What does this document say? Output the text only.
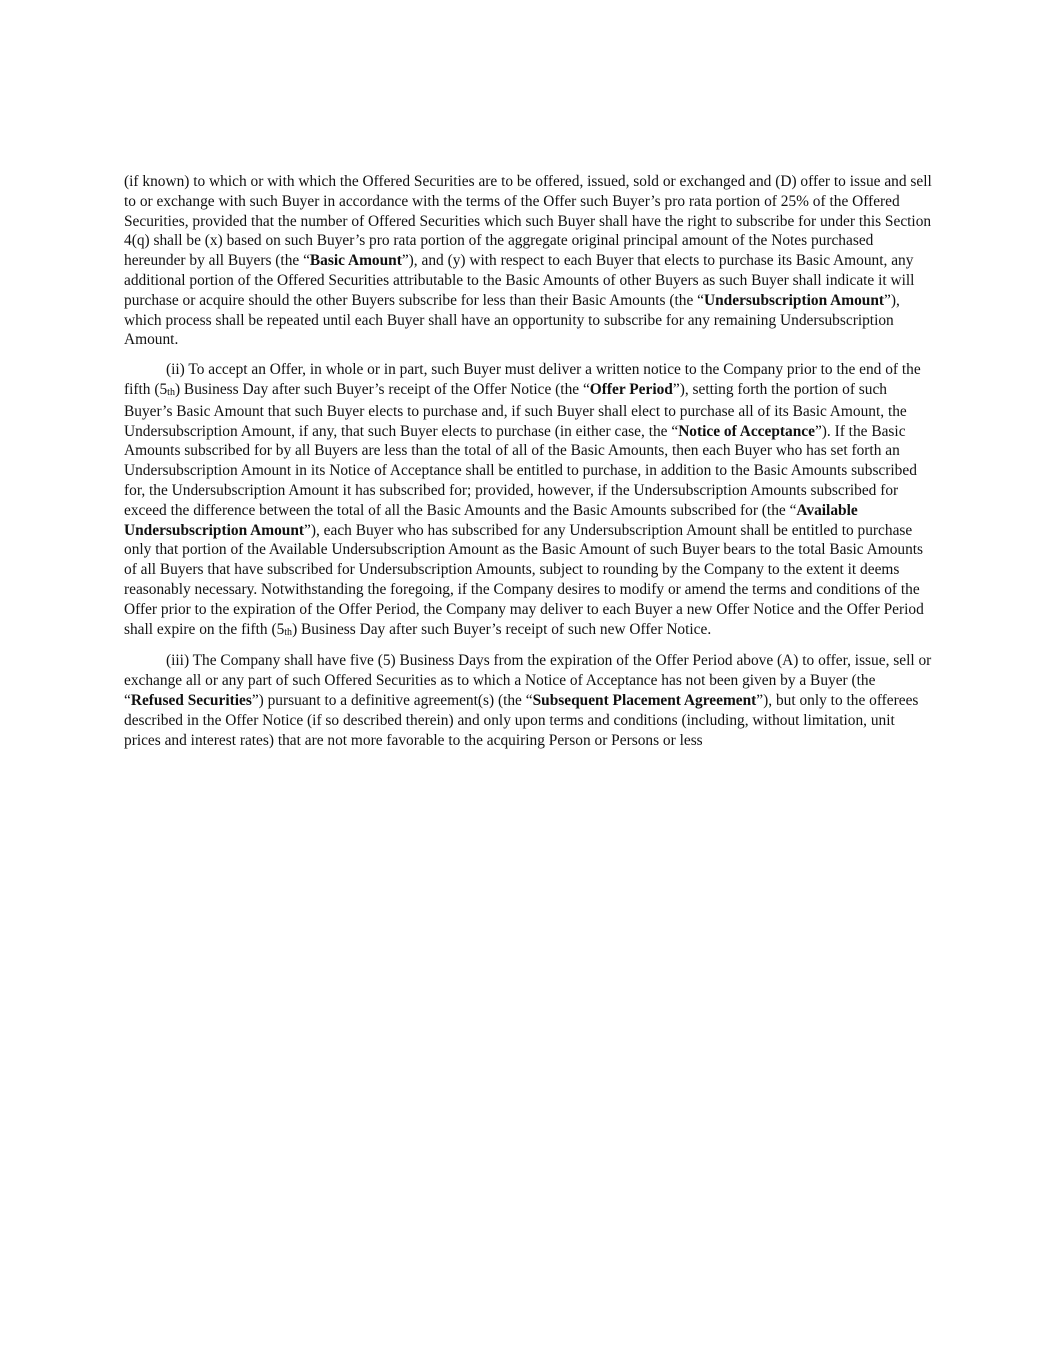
(if known) to which or with which the Offered Securities are to be offered, issued, sold or exchanged and (D) offer to issue and sell to or exchange with such Buyer in accordance with the terms of the Offer such Buyer’s pro rata portion of 25% of the Offered Securities, provided that the number of Offered Securities which such Buyer shall have the right to subscribe for under this Section 4(q) shall be (x) based on such Buyer’s pro rata portion of the aggregate original principal amount of the Notes purchased hereunder by all Buyers (the “Basic Amount”), and (y) with respect to each Buyer that elects to purchase its Basic Amount, any additional portion of the Offered Securities attributable to the Basic Amounts of other Buyers as such Buyer shall indicate it will purchase or acquire should the other Buyers subscribe for less than their Basic Amounts (the “Undersubscription Amount”), which process shall be repeated until each Buyer shall have an opportunity to subscribe for any remaining Undersubscription Amount.

(ii) To accept an Offer, in whole or in part, such Buyer must deliver a written notice to the Company prior to the end of the fifth (5th) Business Day after such Buyer’s receipt of the Offer Notice (the “Offer Period”), setting forth the portion of such Buyer’s Basic Amount that such Buyer elects to purchase and, if such Buyer shall elect to purchase all of its Basic Amount, the Undersubscription Amount, if any, that such Buyer elects to purchase (in either case, the “Notice of Acceptance”). If the Basic Amounts subscribed for by all Buyers are less than the total of all of the Basic Amounts, then each Buyer who has set forth an Undersubscription Amount in its Notice of Acceptance shall be entitled to purchase, in addition to the Basic Amounts subscribed for, the Undersubscription Amount it has subscribed for; provided, however, if the Undersubscription Amounts subscribed for exceed the difference between the total of all the Basic Amounts and the Basic Amounts subscribed for (the “Available Undersubscription Amount”), each Buyer who has subscribed for any Undersubscription Amount shall be entitled to purchase only that portion of the Available Undersubscription Amount as the Basic Amount of such Buyer bears to the total Basic Amounts of all Buyers that have subscribed for Undersubscription Amounts, subject to rounding by the Company to the extent it deems reasonably necessary. Notwithstanding the foregoing, if the Company desires to modify or amend the terms and conditions of the Offer prior to the expiration of the Offer Period, the Company may deliver to each Buyer a new Offer Notice and the Offer Period shall expire on the fifth (5th) Business Day after such Buyer’s receipt of such new Offer Notice.

(iii) The Company shall have five (5) Business Days from the expiration of the Offer Period above (A) to offer, issue, sell or exchange all or any part of such Offered Securities as to which a Notice of Acceptance has not been given by a Buyer (the “Refused Securities”) pursuant to a definitive agreement(s) (the “Subsequent Placement Agreement”), but only to the offerees described in the Offer Notice (if so described therein) and only upon terms and conditions (including, without limitation, unit prices and interest rates) that are not more favorable to the acquiring Person or Persons or less
